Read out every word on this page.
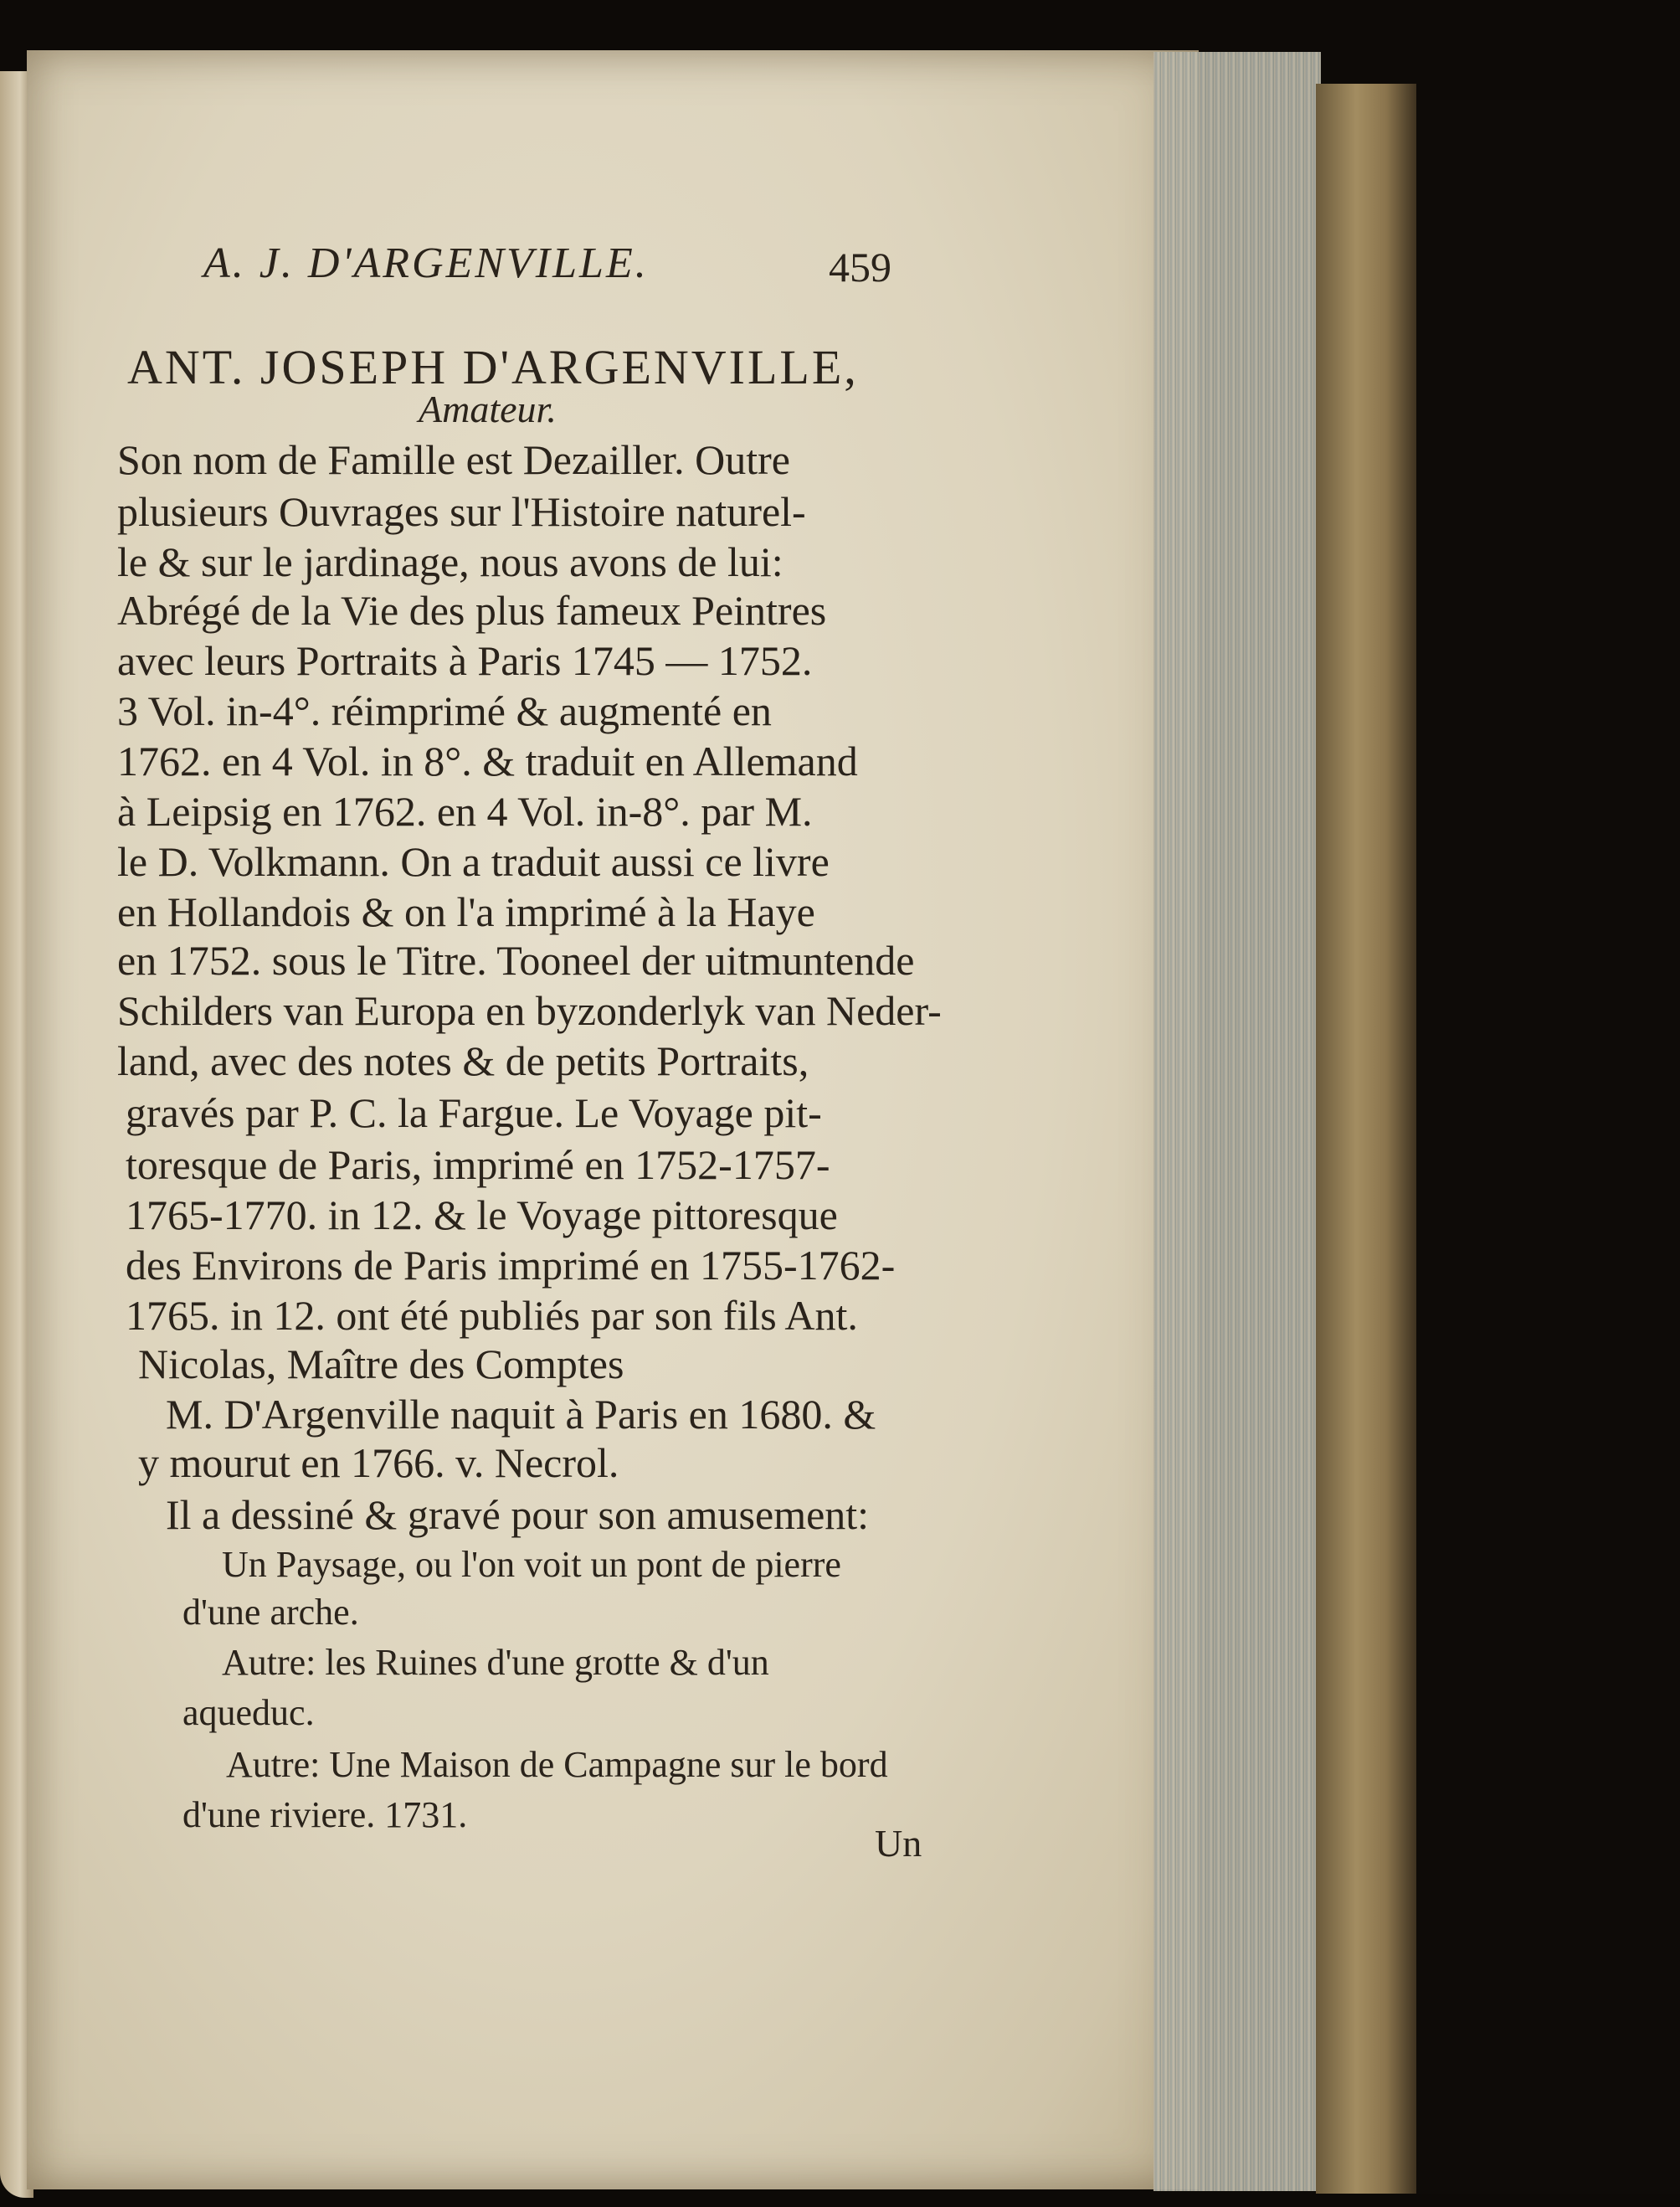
A. J. D'ARGENVILLE.	459
ANT. JOSEPH D'ARGENVILLE,
Amateur.
Son nom de Famille est Dezailler. Outre
plusieurs Ouvrages sur l'Histoire naturel-
le & sur le jardinage, nous avons de lui:
Abrégé de la Vie des plus fameux Peintres
avec leurs Portraits à Paris 1745 — 1752.
3 Vol. in-4°. réimprimé & augmenté en
1762. en 4 Vol. in 8°. & traduit en Allemand
à Leipsig en 1762. en 4 Vol. in-8°. par M.
le D. Volkmann. On a traduit aussi ce livre
en Hollandois & on l'a imprimé à la Haye
en 1752. sous le Titre. Tooneel der uitmuntende
Schilders van Europa en byzonderlyk van Neder-
land, avec des notes & de petits Portraits,
gravés par P. C. la Fargue. Le Voyage pit-
toresque de Paris, imprimé en 1752-1757-
1765-1770. in 12. & le Voyage pittoresque
des Environs de Paris imprimé en 1755-1762-
1765. in 12. ont été publiés par son fils Ant.
Nicolas, Maître des Comptes
M. D'Argenville naquit à Paris en 1680. &
y mourut en 1766. v. Necrol.
Il a dessiné & gravé pour son amusement:
Un Paysage, ou l'on voit un pont de pierre
d'une arche.
Autre: les Ruines d'une grotte & d'un
aqueduc.
Autre: Une Maison de Campagne sur le bord
d'une riviere. 1731.
Un
